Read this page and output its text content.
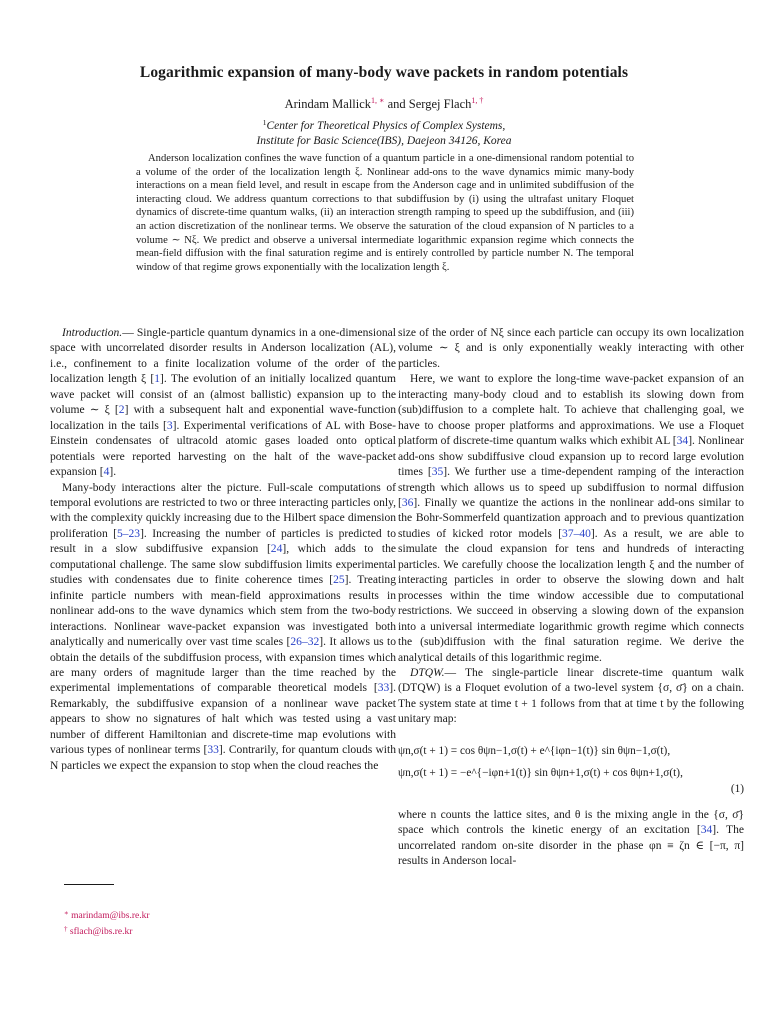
Logarithmic expansion of many-body wave packets in random potentials
Arindam Mallick$^{1, ∗}$ and Sergej Flach$^{1, \dagger}$
$^1$Center for Theoretical Physics of Complex Systems,
Institute for Basic Science(IBS), Daejeon 34126, Korea
Anderson localization confines the wave function of a quantum particle in a one-dimensional random potential to a volume of the order of the localization length ξ. Nonlinear add-ons to the wave dynamics mimic many-body interactions on a mean field level, and result in escape from the Anderson cage and in unlimited subdiffusion of the interacting cloud. We address quantum corrections to that subdiffusion by (i) using the ultrafast unitary Floquet dynamics of discrete-time quantum walks, (ii) an interaction strength ramping to speed up the subdiffusion, and (iii) an action discretization of the nonlinear terms. We observe the saturation of the cloud expansion of N particles to a volume ∼ Nξ. We predict and observe a universal intermediate logarithmic expansion regime which connects the mean-field diffusion with the final saturation regime and is entirely controlled by particle number N. The temporal window of that regime grows exponentially with the localization length ξ.

Introduction.— Single-particle quantum dynamics in a one-dimensional space with uncorrelated disorder results in Anderson localization (AL), i.e., confinement to a finite localization volume of the order of the localization length ξ [1]. The evolution of an initially localized quantum wave packet will consist of an (almost ballistic) expansion up to the volume ∼ ξ [2] with a subsequent halt and exponential wave-function localization in the tails [3]. Experimental verifications of AL with Bose-Einstein condensates of ultracold atomic gases loaded onto optical potentials were reported harvesting on the halt of the wave-packet expansion [4].

Many-body interactions alter the picture. Full-scale computations of temporal evolutions are restricted to two or three interacting particles only, with the complexity quickly increasing due to the Hilbert space dimension proliferation [5–23]. Increasing the number of particles is predicted to result in a slow subdiffusive expansion [24], which adds to the computational challenge. The same slow subdiffusion limits experimental studies with condensates due to finite coherence times [25]. Treating infinite particle numbers with mean-field approximations results in nonlinear add-ons to the wave dynamics which stem from the two-body interactions. Nonlinear wave-packet expansion was investigated both analytically and numerically over vast time scales [26–32]. It allows us to obtain the details of the subdiffusion process, with expansion times which are many orders of magnitude larger than the time reached by the experimental implementations of comparable theoretical models [33]. Remarkably, the subdiffusive expansion of a nonlinear wave packet appears to show no signatures of halt which was tested using a vast number of different Hamiltonian and discrete-time map evolutions with various types of nonlinear terms [33]. Contrarily, for quantum clouds with N particles we expect the expansion to stop when the cloud reaches the

size of the order of Nξ since each particle can occupy its own localization volume ∼ ξ and is only exponentially weakly interacting with other particles.

Here, we want to explore the long-time wave-packet expansion of an interacting many-body cloud and to establish its slowing down from (sub)diffusion to a complete halt. To achieve that challenging goal, we have to choose proper platforms and approximations. We use a Floquet platform of discrete-time quantum walks which exhibit AL [34]. Nonlinear add-ons show subdiffusive cloud expansion up to record large evolution times [35]. We further use a time-dependent ramping of the interaction strength which allows us to speed up subdiffusion to normal diffusion [36]. Finally we quantize the actions in the nonlinear add-ons similar to the Bohr-Sommerfeld quantization approach and to previous quantization studies of kicked rotor models [37–40]. As a result, we are able to simulate the cloud expansion for tens and hundreds of interacting particles. We carefully choose the localization length ξ and the number of interacting particles in order to observe the slowing down and halt processes within the time window accessible due to computational restrictions. We succeed in observing a slowing down of the expansion into a universal intermediate logarithmic growth regime which connects the (sub)diffusion with the final saturation regime. We derive the analytical details of this logarithmic regime.

DTQW.— The single-particle linear discrete-time quantum walk (DTQW) is a Floquet evolution of a two-level system {σ, σ̄} on a chain. The system state at time t + 1 follows from that at time t by the following unitary map:

ψn,σ(t + 1) = cos θψn−1,σ(t) + e^{iφn−1(t)} sin θψn−1,σ(t),
ψn,σ(t + 1) = −e^{−iφn+1(t)} sin θψn+1,σ(t) + cos θψn+1,σ(t),
(1)

where n counts the lattice sites, and θ is the mixing angle in the {σ, σ̄} space which controls the kinetic energy of an excitation [34]. The uncorrelated random on-site disorder in the phase φn ≡ ζn ∈ [−π, π] results in Anderson local-

∗ marindam@ibs.re.kr
† sflach@ibs.re.kr
